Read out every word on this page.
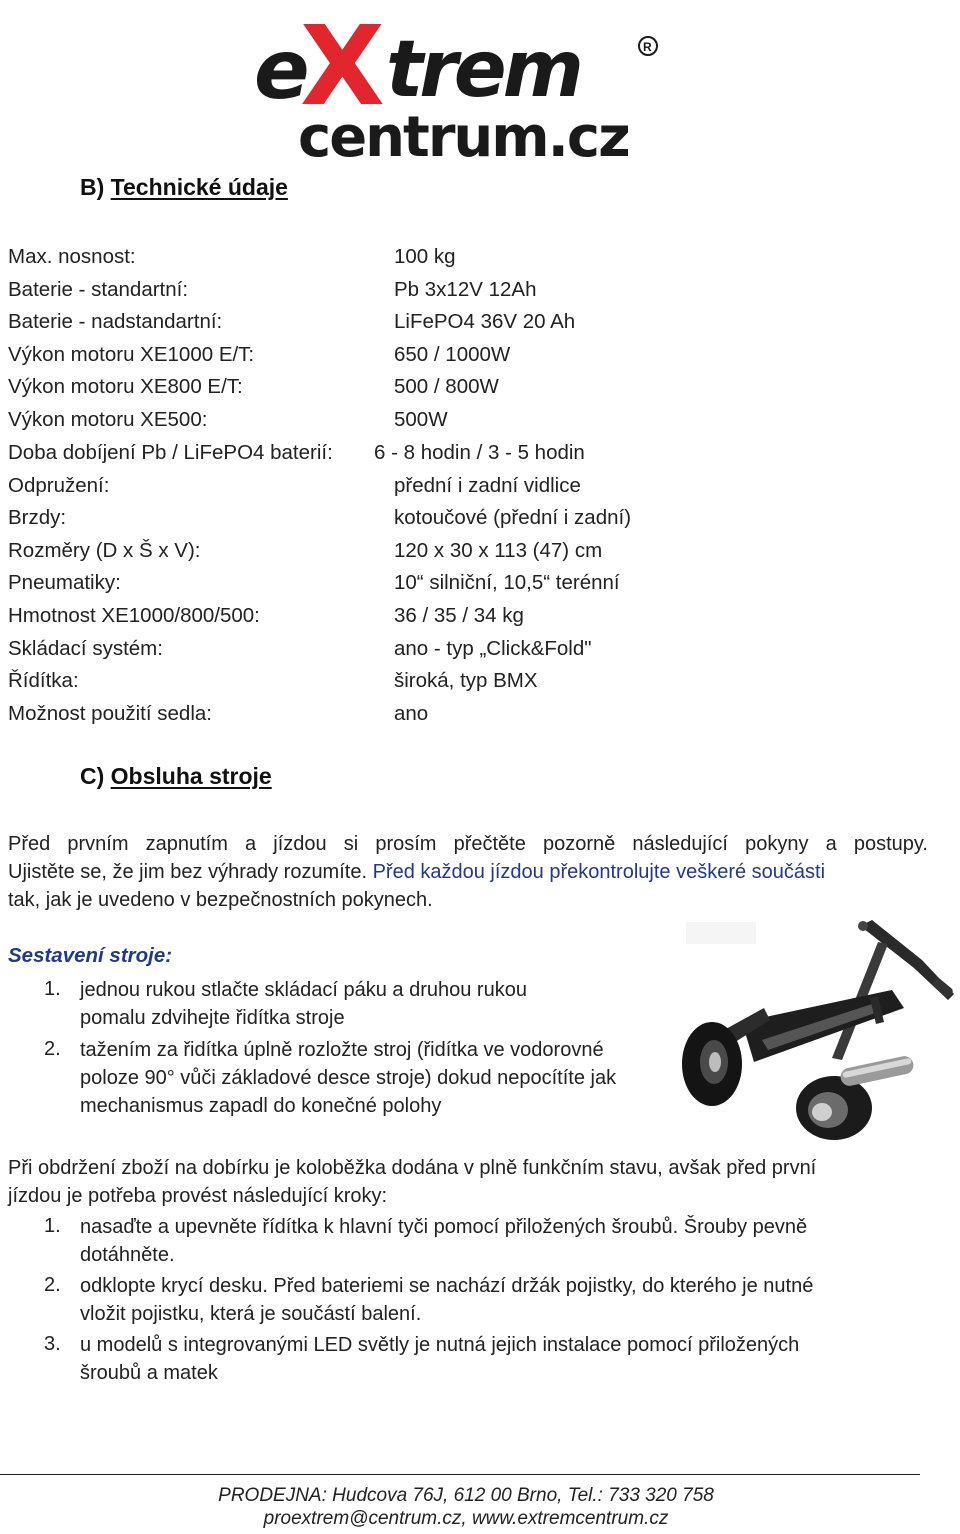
e
X trem
centrum.cz
R
B) Technické údaje
Max. nosnost:	100 kg
Baterie - standartní:	Pb 3x12V 12Ah
Baterie - nadstandartní:	LiFePO4 36V 20 Ah
Výkon motoru XE1000 E/T:	650 / 1000W
Výkon motoru XE800 E/T:	500 / 800W
Výkon motoru XE500:	500W
Doba dobíjení Pb / LiFePO4 baterií: 6 - 8 hodin / 3 - 5 hodin
Odpružení:	přední i zadní vidlice
Brzdy:	kotoučové (přední i zadní)
Rozměry (D x Š x V):	120 x 30 x 113 (47) cm
Pneumatiky:	10“ silniční, 10,5“ terénní
Hmotnost XE1000/800/500:	36 / 35 / 34 kg
Skládací systém:	ano - typ „Click&Fold"
Řídítka:	široká, typ BMX
Možnost použití sedla:	ano
C) Obsluha stroje
Před prvním zapnutím a jízdou si prosím přečtěte pozorně následující pokyny a postupy.
Ujistěte se, že jim bez výhrady rozumíte. Před každou jízdou překontrolujte veškeré součásti
tak, jak je uvedeno v bezpečnostních pokynech.
Sestavení stroje:
1. jednou rukou stlačte skládací páku a druhou rukou
pomalu zdvihejte řidítka stroje
2. tažením za řidítka úplně rozložte stroj (řidítka ve vodorovné
poloze 90° vůči základové desce stroje) dokud nepocítíte jak
mechanismus zapadl do konečné polohy
Při obdržení zboží na dobírku je koloběžka dodána v plně funkčním stavu, avšak před první
jízdou je potřeba provést následující kroky:
1. nasaďte a upevněte řídítka k hlavní tyči pomocí přiložených šroubů. Šrouby pevně
dotáhněte.
2. odklopte krycí desku. Před bateriemi se nachází držák pojistky, do kterého je nutné
vložit pojistku, která je součástí balení.
3. u modelů s integrovanými LED světly je nutná jejich instalace pomocí přiložených
šroubů a matek
PRODEJNA: Hudcova 76J, 612 00 Brno, Tel.: 733 320 758
proextrem@centrum.cz, www.extremcentrum.cz
